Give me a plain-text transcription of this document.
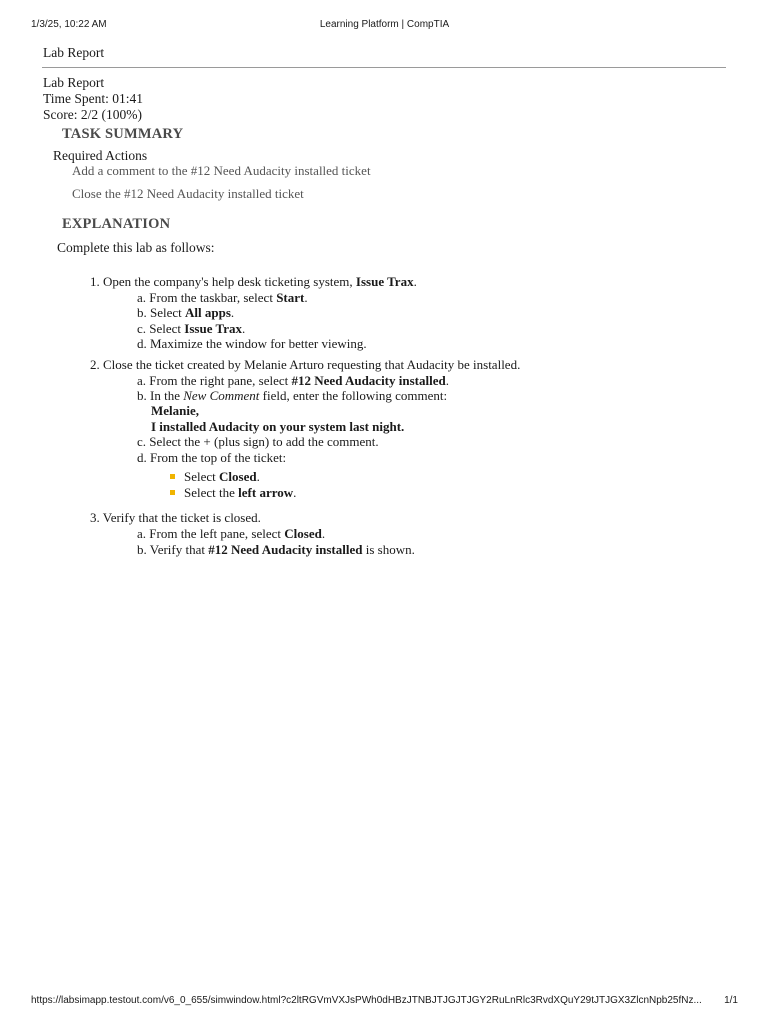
1/3/25, 10:22 AM	Learning Platform | CompTIA
Lab Report
Lab Report
Time Spent: 01:41
Score: 2/2 (100%)
TASK SUMMARY
Required Actions
Add a comment to the #12 Need Audacity installed ticket
Close the #12 Need Audacity installed ticket
EXPLANATION
Complete this lab as follows:
1. Open the company's help desk ticketing system, Issue Trax.
a. From the taskbar, select Start.
b. Select All apps.
c. Select Issue Trax.
d. Maximize the window for better viewing.
2. Close the ticket created by Melanie Arturo requesting that Audacity be installed.
a. From the right pane, select #12 Need Audacity installed.
b. In the New Comment field, enter the following comment:
Melanie,
I installed Audacity on your system last night.
c. Select the + (plus sign) to add the comment.
d. From the top of the ticket:
Select Closed.
Select the left arrow.
3. Verify that the ticket is closed.
a. From the left pane, select Closed.
b. Verify that #12 Need Audacity installed is shown.
https://labsimapp.testout.com/v6_0_655/simwindow.html?c2ltRGVmVXJsPWh0dHBzJTNBJTJGJTJGY2RuLnRlc3RvdXQuY29tJTJGX3ZlcnNpb25fNz... 1/1
